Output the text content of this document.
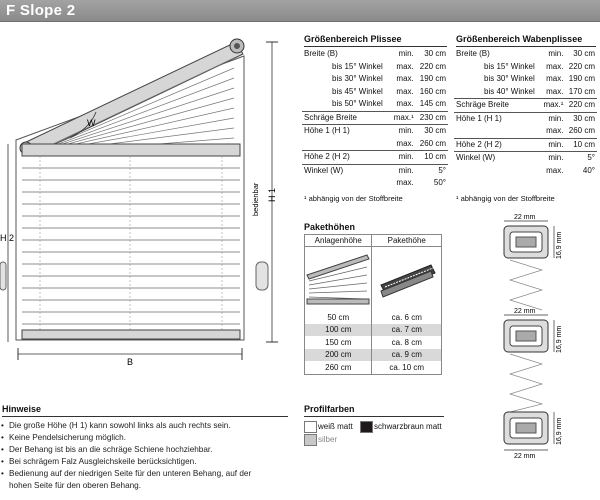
F Slope 2
W
H 1
bedienbar
H 2
B
Größenbereich Plissee
Breite (B)	min.	30 cm
bis 15° Winkel	max.	220 cm
bis 30° Winkel	max.	190 cm
bis 45° Winkel	max.	160 cm
bis 50° Winkel	max.	145 cm
Schräge Breite	max.¹	230 cm
Höhe 1 (H 1)	min.	30 cm
	max.	260 cm
Höhe 2 (H 2)	min.	10 cm
Winkel (W)	min.	5°
	max.	50°
¹ abhängig von der Stoffbreite
Größenbereich Wabenplissee
Breite (B)	min.	30 cm
bis 15° Winkel	max.	220 cm
bis 30° Winkel	max.	190 cm
bis 40° Winkel	max.	170 cm
Schräge Breite	max.¹	220 cm
Höhe 1 (H 1)	min.	30 cm
	max.	260 cm
Höhe 2 (H 2)	min.	10 cm
Winkel (W)	min.	5°
	max.	40°
¹ abhängig von der Stoffbreite
Pakethöhen
Anlagenhöhe	Pakethöhe

50 cm	ca. 6 cm
100 cm	ca. 7 cm
150 cm	ca. 8 cm
200 cm	ca. 9 cm
260 cm	ca. 10 cm
22 mm
16,9 mm
22 mm
16,9 mm
16,9 mm
22 mm
Hinweise
• Die große Höhe (H 1) kann sowohl links als auch rechts sein.
• Keine Pendelsicherung möglich.
• Der Behang ist bis an die schräge Schiene hochziehbar.
• Bei schrägem Falz Ausgleichskeile berücksichtigen.
• Bedienung auf der niedrigen Seite für den unteren Behang, auf der
hohen Seite für den oberen Behang.
Profilfarben
weiß matt	schwarzbraun matt
silber
